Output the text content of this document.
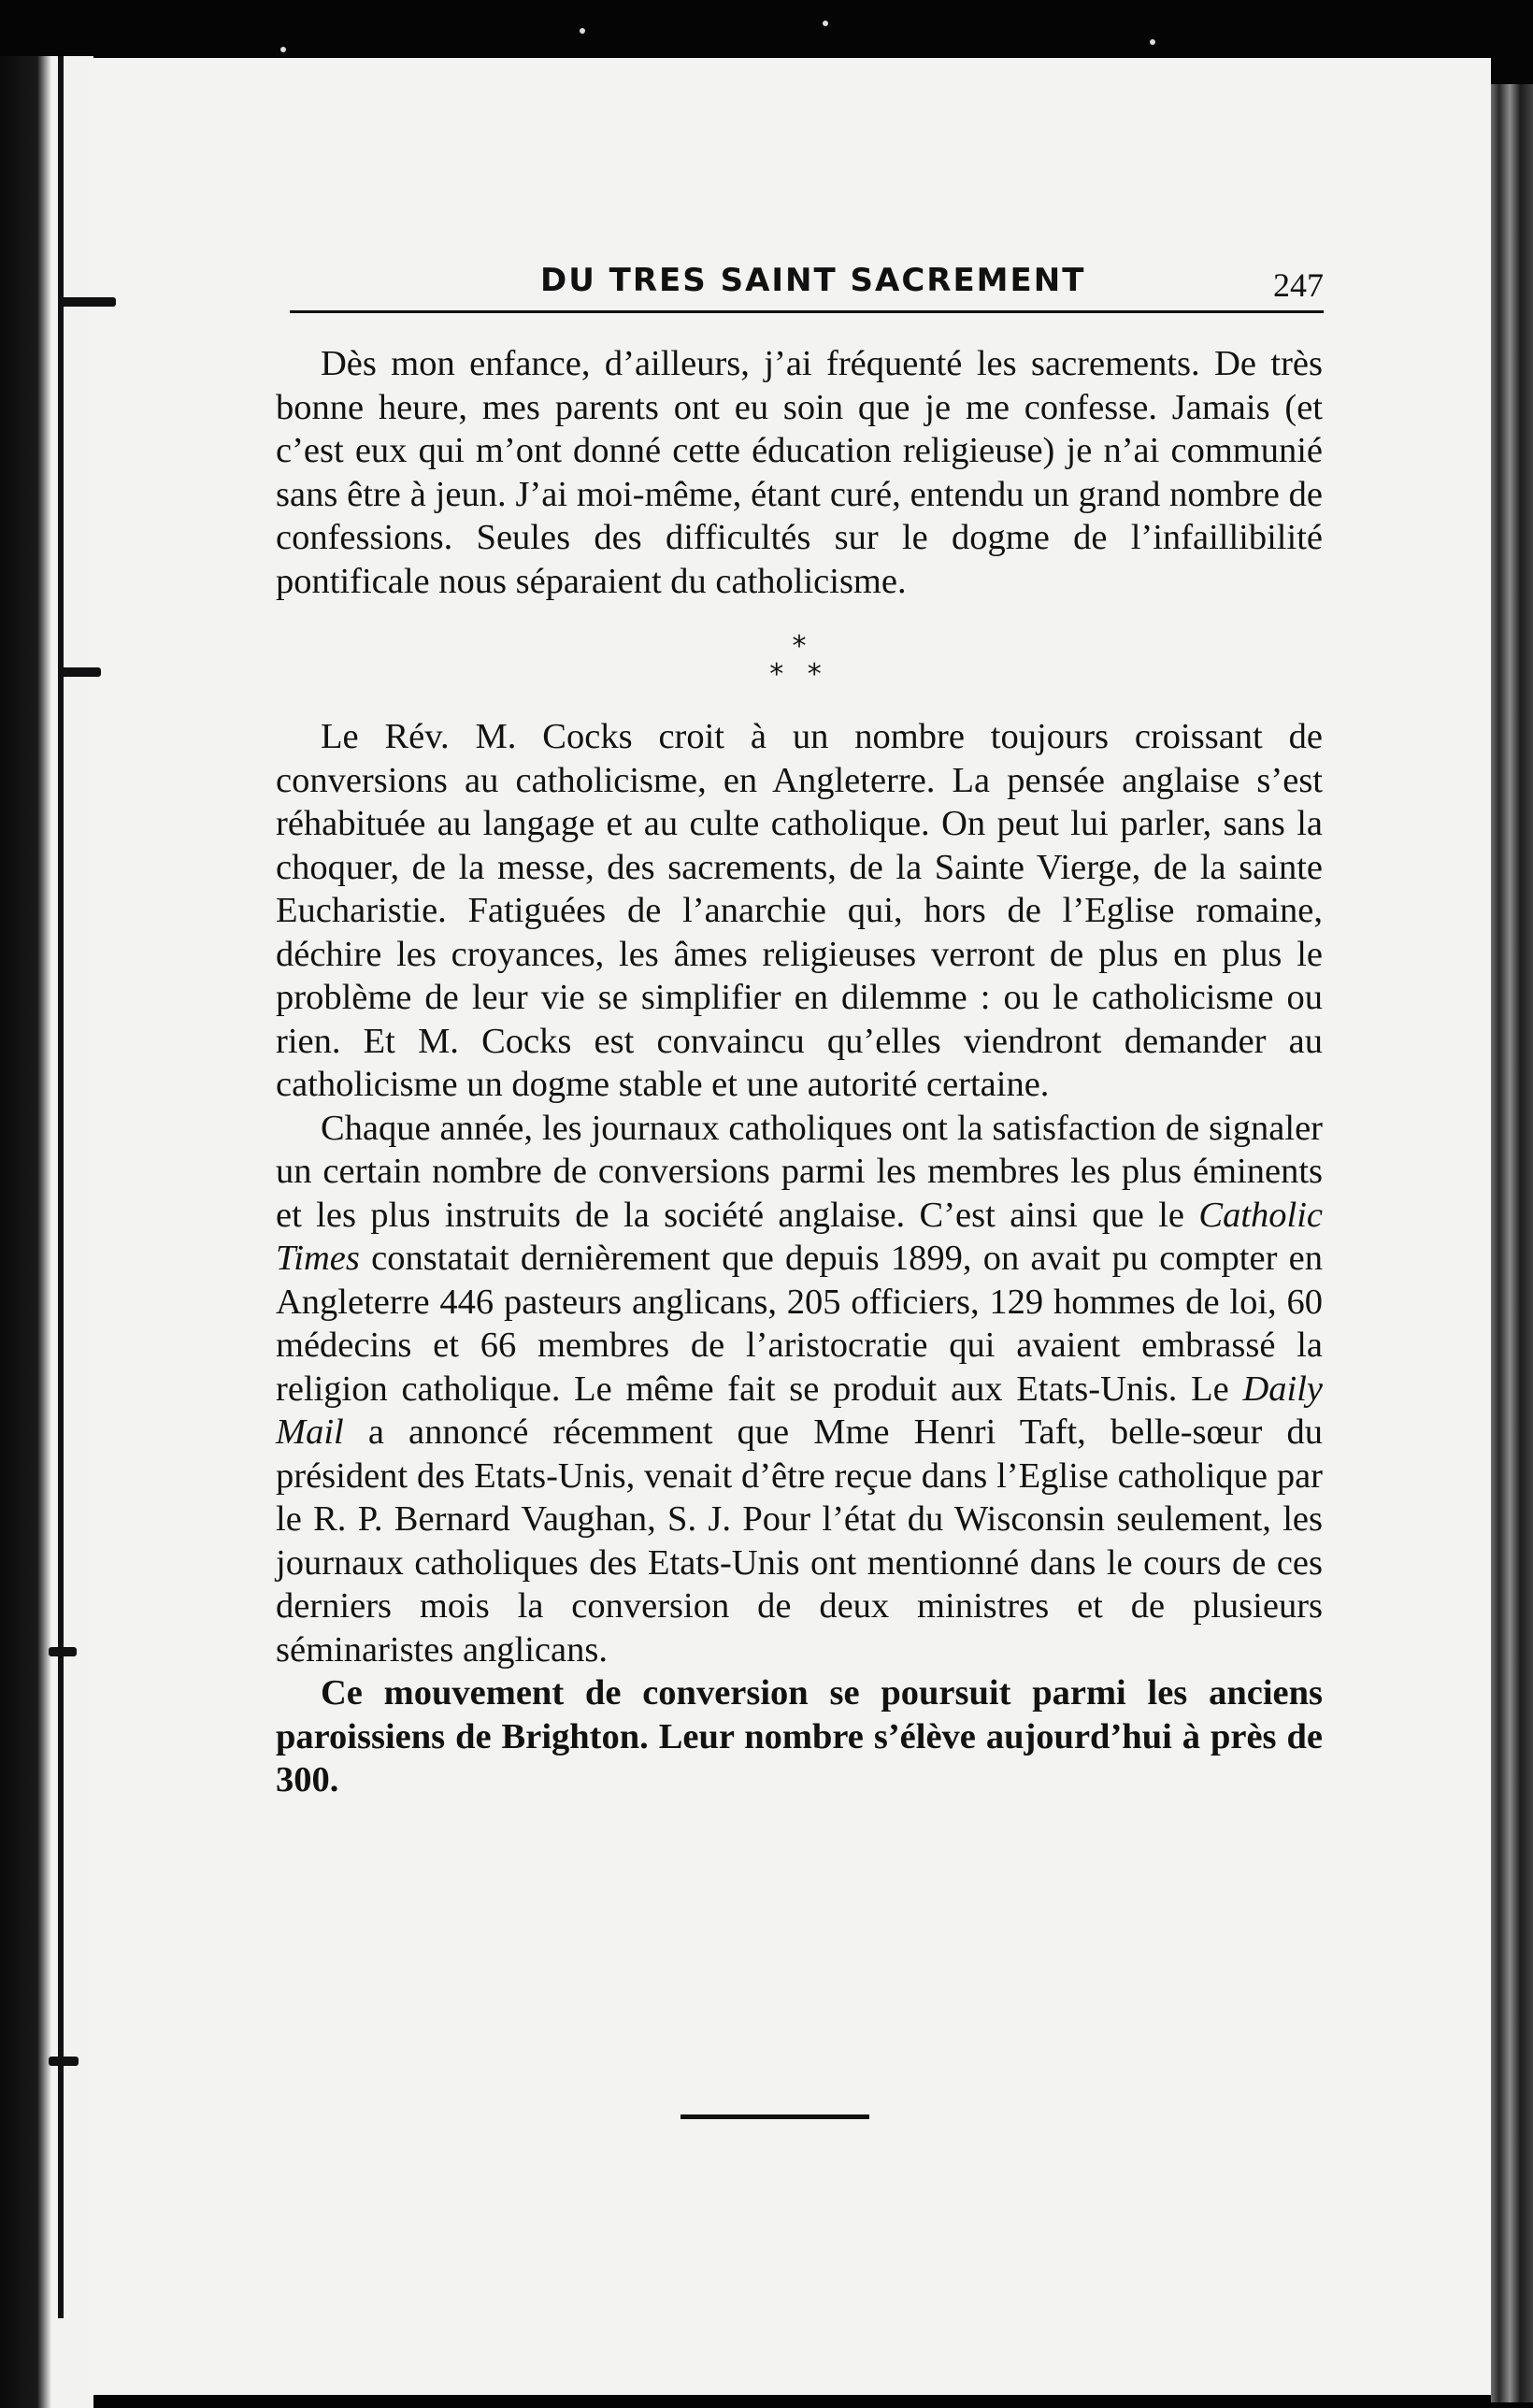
DU TRES SAINT SACREMENT	247

Dès mon enfance, d’ailleurs, j’ai fréquenté les sacrements. De très bonne heure, mes parents ont eu soin que je me confesse. Jamais (et c’est eux qui m’ont donné cette éducation religieuse) je n’ai communié sans être à jeun. J’ai moi-même, étant curé, entendu un grand nombre de confessions. Seules des difficultés sur le dogme de l’infaillibilité pontificale nous séparaient du catholicisme.

*
* *

Le Rév. M. Cocks croit à un nombre toujours croissant de conversions au catholicisme, en Angleterre. La pensée anglaise s’est réhabituée au langage et au culte catholique. On peut lui parler, sans la choquer, de la messe, des sacrements, de la Sainte Vierge, de la sainte Eucharistie. Fatiguées de l’anarchie qui, hors de l’Eglise romaine, déchire les croyances, les âmes religieuses verront de plus en plus le problème de leur vie se simplifier en dilemme : ou le catholicisme ou rien. Et M. Cocks est convaincu qu’elles viendront demander au catholicisme un dogme stable et une autorité certaine.

Chaque année, les journaux catholiques ont la satisfaction de signaler un certain nombre de conversions parmi les membres les plus éminents et les plus instruits de la société anglaise. C’est ainsi que le Catholic Times constatait dernièrement que depuis 1899, on avait pu compter en Angleterre 446 pasteurs anglicans, 205 officiers, 129 hommes de loi, 60 médecins et 66 membres de l’aristocratie qui avaient embrassé la religion catholique. Le même fait se produit aux Etats-Unis. Le Daily Mail a annoncé récemment que Mme Henri Taft, belle-sœur du président des Etats-Unis, venait d’être reçue dans l’Eglise catholique par le R. P. Bernard Vaughan, S. J. Pour l’état du Wisconsin seulement, les journaux catholiques des Etats-Unis ont mentionné dans le cours de ces derniers mois la conversion de deux ministres et de plusieurs séminaristes anglicans.

Ce mouvement de conversion se poursuit parmi les anciens paroissiens de Brighton. Leur nombre s’élève aujourd’hui à près de 300.
